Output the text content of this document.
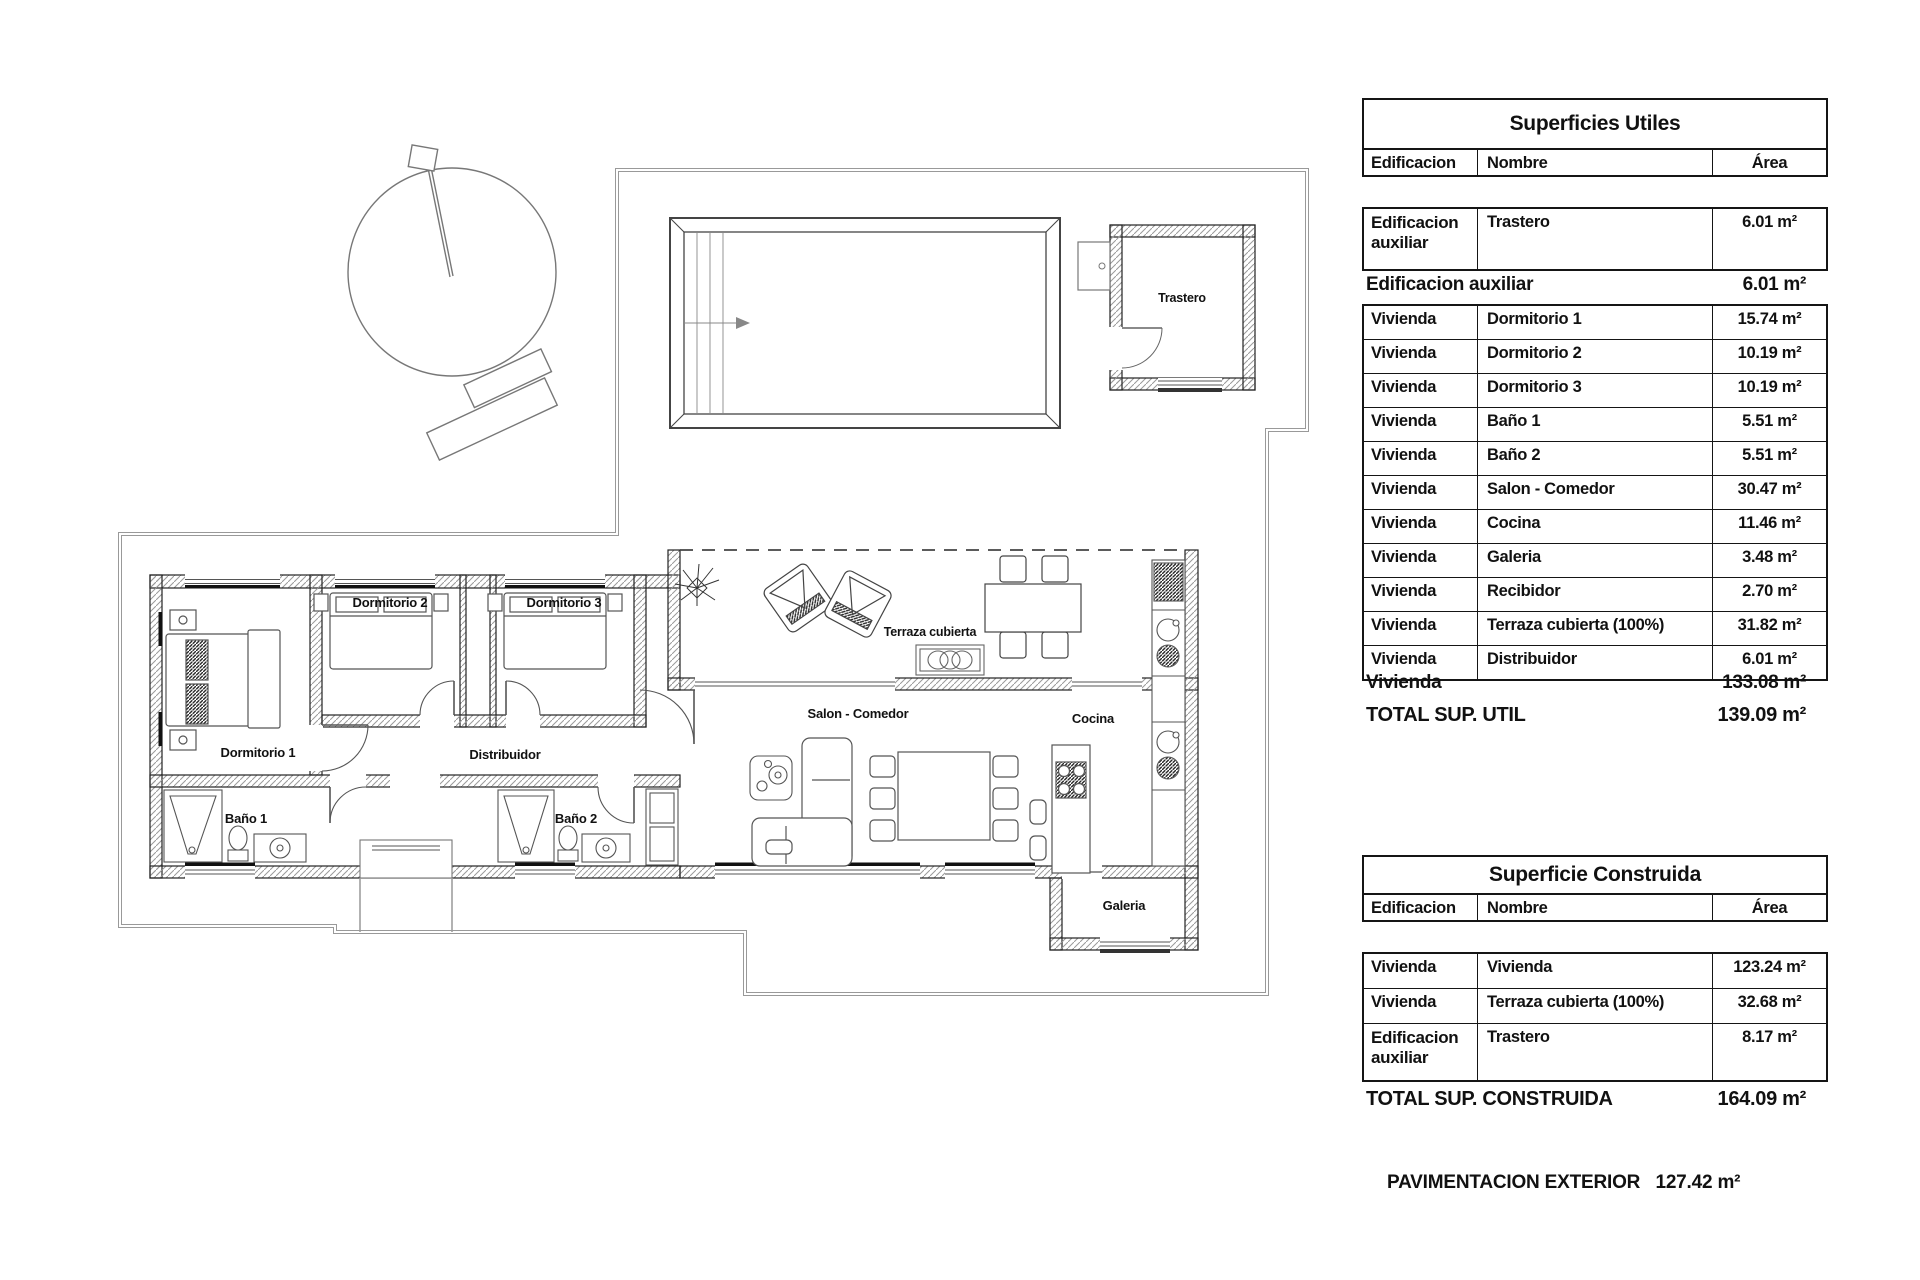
Dormitorio 1
Dormitorio 2	Dormitorio 3
Distribuidor
Baño 1	Baño 2
Salon - Comedor	Cocina
Galeria
Terraza cubierta
Trastero
Superficies Utiles
Edificacion	Nombre	Área
Edificacion auxiliar
Trastero	6.01 m²
Edificacion auxiliar	6.01 m²
Vivienda	Dormitorio 1	15.74 m²
Vivienda	Dormitorio 2	10.19 m²
Vivienda	Dormitorio 3	10.19 m²
Vivienda	Baño 1	5.51 m²
Vivienda	Baño 2	5.51 m²
Vivienda	Salon - Comedor	30.47 m²
Vivienda	Cocina	11.46 m²
Vivienda	Galeria	3.48 m²
Vivienda	Recibidor	2.70 m²
Vivienda	Terraza cubierta (100%)	31.82 m²
Vivienda	Distribuidor	6.01 m²
Vivienda	133.08 m²
TOTAL SUP. UTIL	139.09 m²
Superficie Construida
Edificacion	Nombre	Área
Vivienda	Vivienda	123.24 m²
Vivienda	Terraza cubierta (100%)	32.68 m²
Edificacion auxiliar
Trastero	8.17 m²
TOTAL SUP. CONSTRUIDA	164.09 m²
PAVIMENTACION EXTERIOR 127.42 m²
